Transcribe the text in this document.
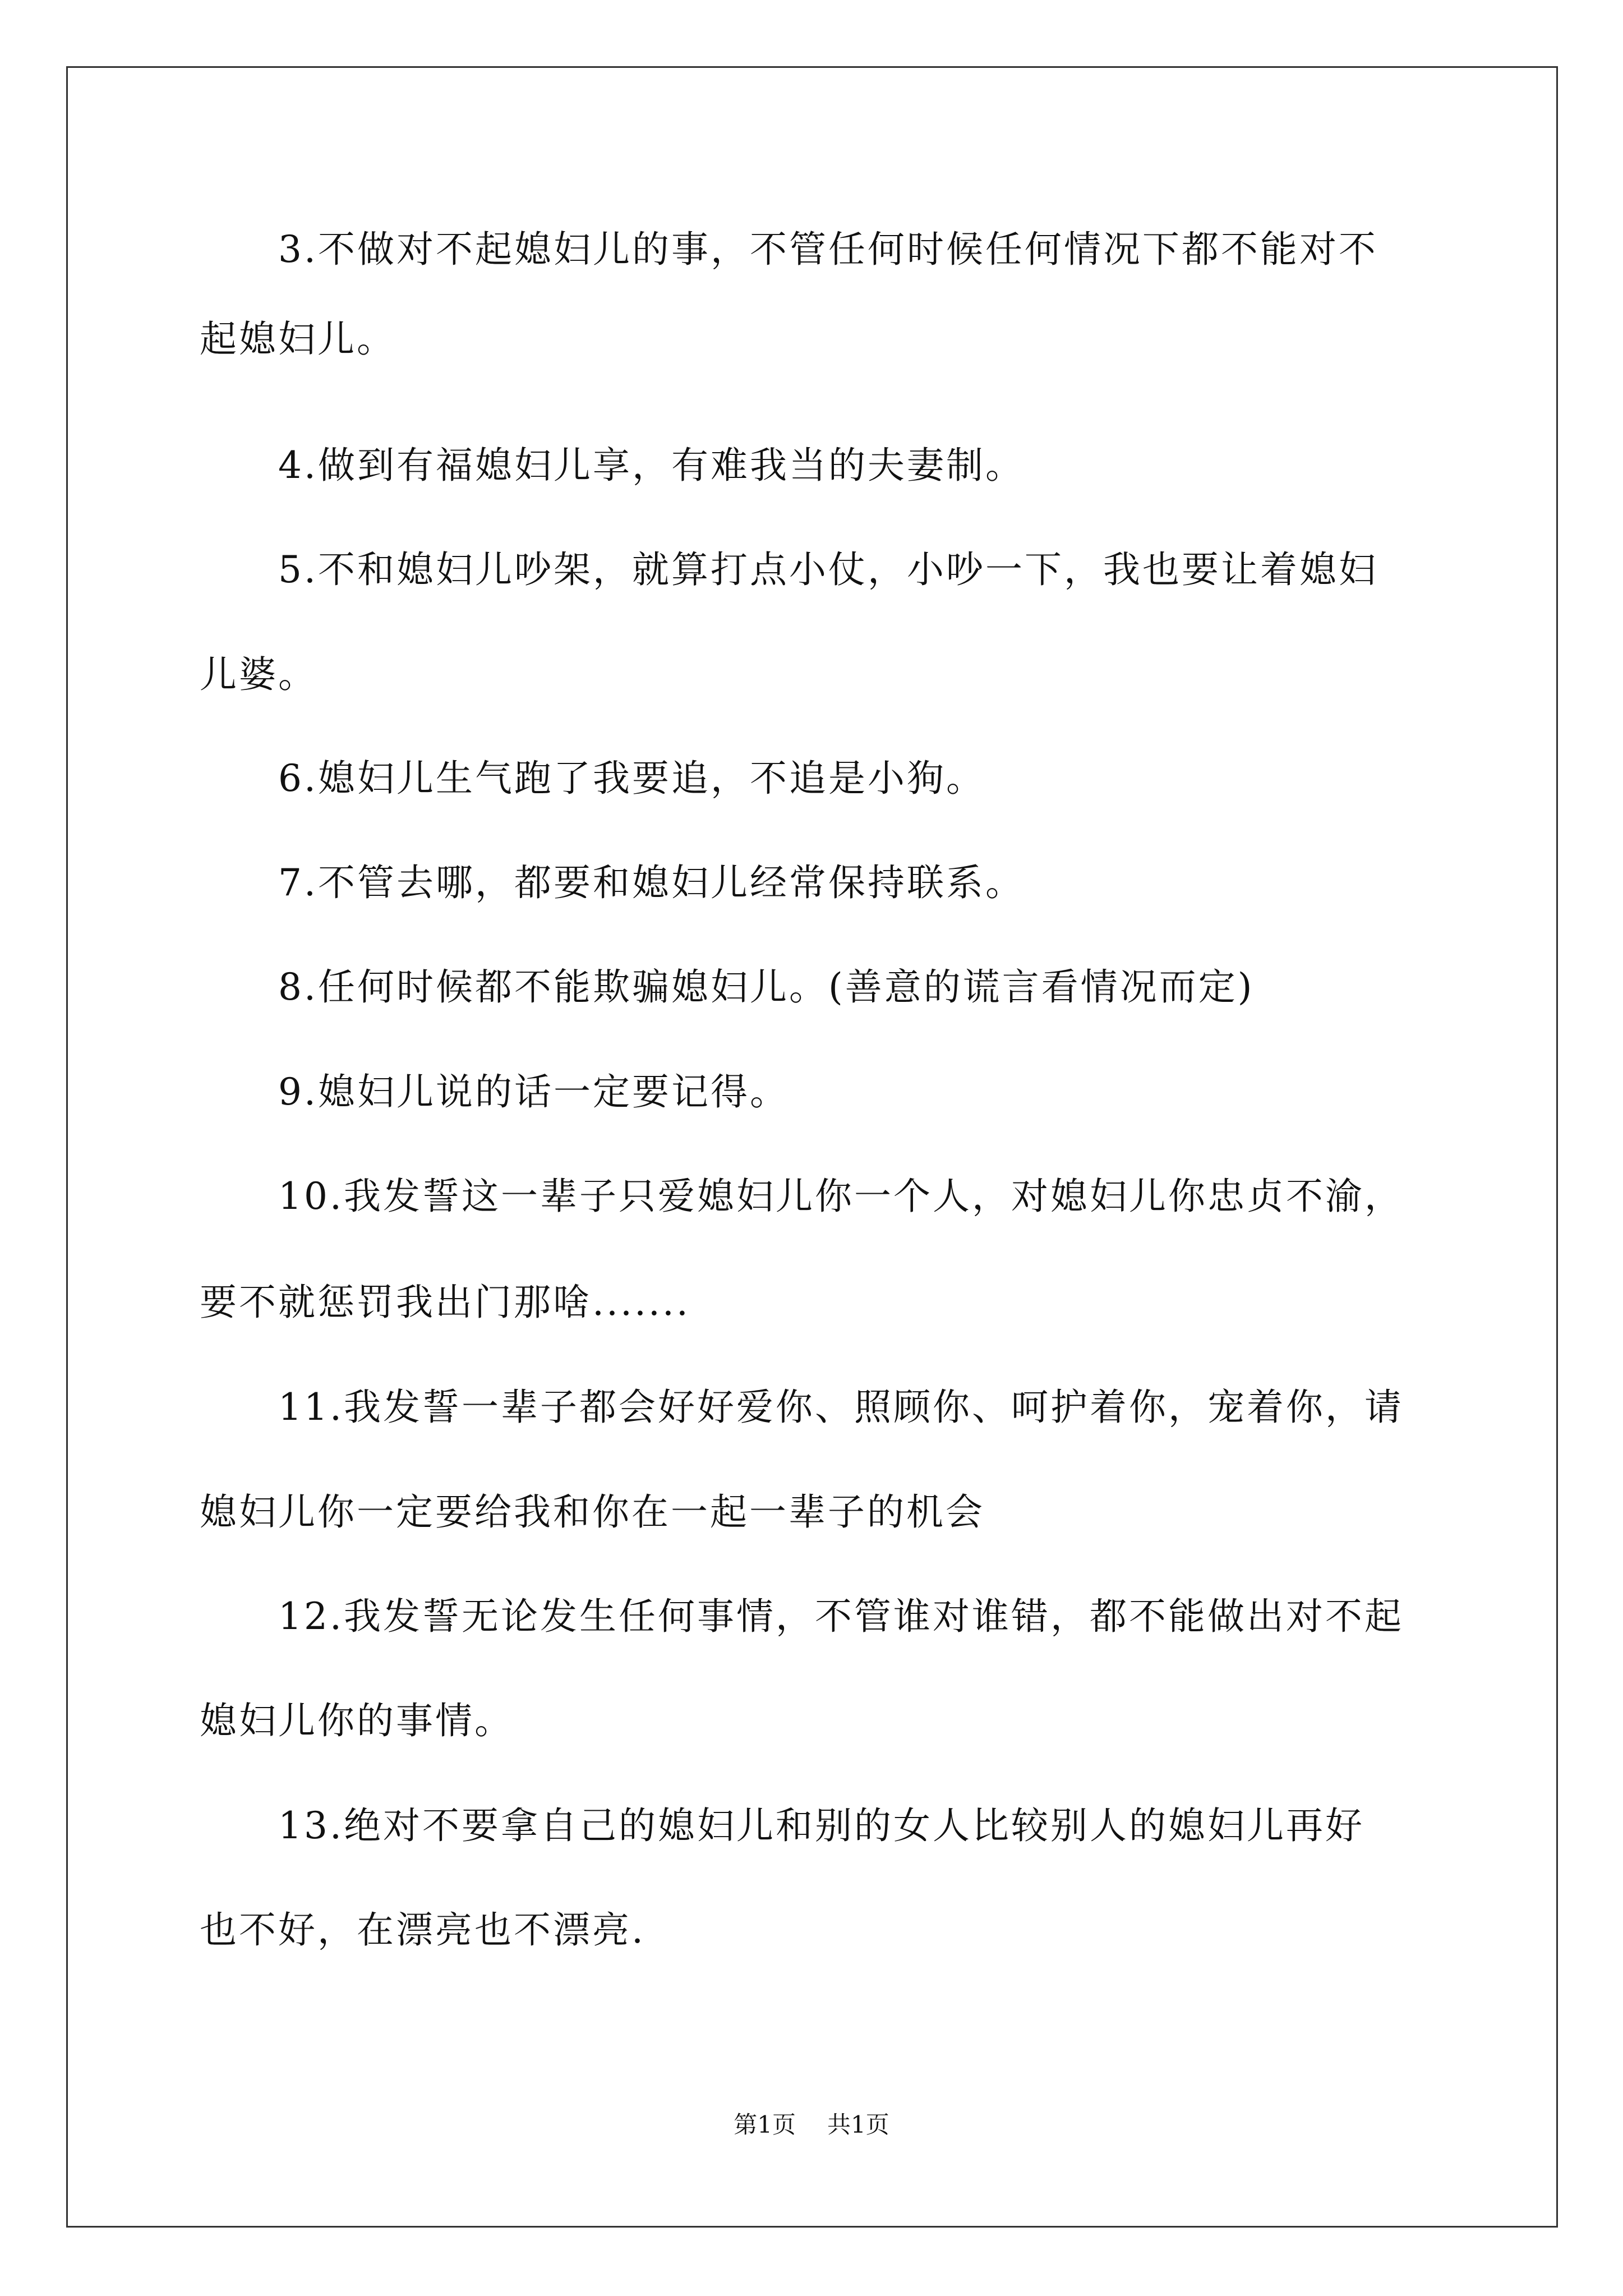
3.不做对不起媳妇儿的事，不管任何时候任何情况下都不能对不
起媳妇儿。
4.做到有福媳妇儿享，有难我当的夫妻制。
5.不和媳妇儿吵架，就算打点小仗，小吵一下，我也要让着媳妇
儿婆。
6.媳妇儿生气跑了我要追，不追是小狗。
7.不管去哪，都要和媳妇儿经常保持联系。
8.任何时候都不能欺骗媳妇儿。(善意的谎言看情况而定)
9.媳妇儿说的话一定要记得。
10.我发誓这一辈子只爱媳妇儿你一个人，对媳妇儿你忠贞不渝，
要不就惩罚我出门那啥.......
11.我发誓一辈子都会好好爱你、照顾你、呵护着你，宠着你，请
媳妇儿你一定要给我和你在一起一辈子的机会
12.我发誓无论发生任何事情，不管谁对谁错，都不能做出对不起
媳妇儿你的事情。
13.绝对不要拿自己的媳妇儿和别的女人比较别人的媳妇儿再好
也不好，在漂亮也不漂亮.
第1页 共1页
